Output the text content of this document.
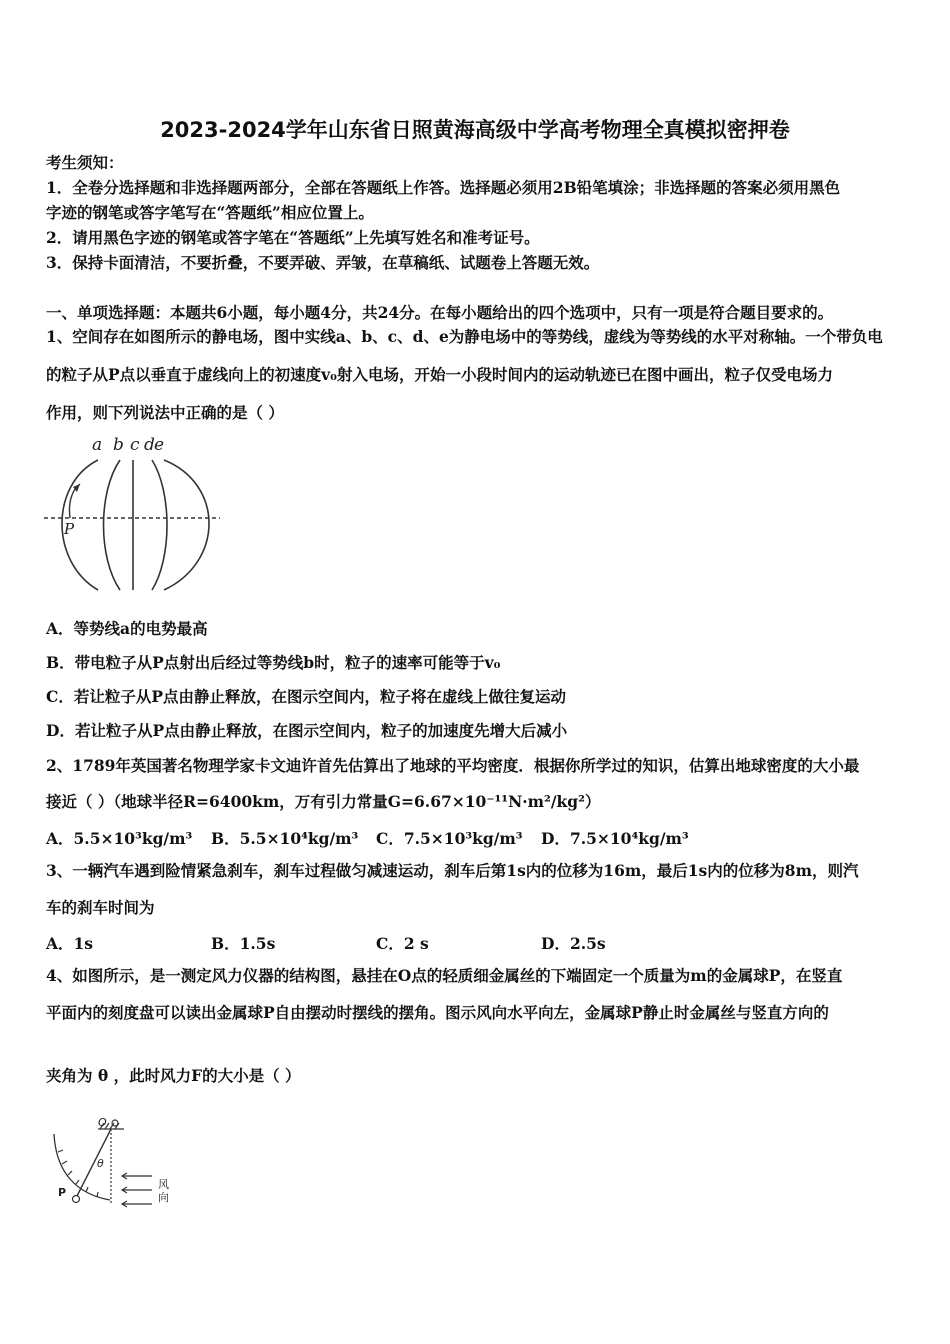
2023-2024学年山东省日照黄海高级中学高考物理全真模拟密押卷
考生须知：
1．全卷分选择题和非选择题两部分，全部在答题纸上作答。选择题必须用2B铅笔填涂；非选择题的答案必须用黑色
字迹的钢笔或答字笔写在“答题纸”相应位置上。
2．请用黑色字迹的钢笔或答字笔在“答题纸”上先填写姓名和准考证号。
3．保持卡面清洁，不要折叠，不要弄破、弄皱，在草稿纸、试题卷上答题无效。
一、单项选择题：本题共6小题，每小题4分，共24分。在每小题给出的四个选项中，只有一项是符合题目要求的。
1、空间存在如图所示的静电场，图中实线a、b、c、d、e为静电场中的等势线，虚线为等势线的水平对称轴。一个带负电
的粒子从P点以垂直于虚线向上的初速度v₀射入电场，开始一小段时间内的运动轨迹已在图中画出，粒子仅受电场力
作用，则下列说法中正确的是（ ）
a b c d e
P
A．等势线a的电势最高
B．带电粒子从P点射出后经过等势线b时，粒子的速率可能等于v₀
C．若让粒子从P点由静止释放，在图示空间内，粒子将在虚线上做往复运动
D．若让粒子从P点由静止释放，在图示空间内，粒子的加速度先增大后减小
2、1789年英国著名物理学家卡文迪许首先估算出了地球的平均密度．根据你所学过的知识，估算出地球密度的大小最
接近（ ）（地球半径R=6400km，万有引力常量G=6.67×10⁻¹¹N·m²/kg²）
A．5.5×10³kg/m³ B．5.5×10⁴kg/m³ C．7.5×10³kg/m³ D．7.5×10⁴kg/m³
3、一辆汽车遇到险情紧急刹车，刹车过程做匀减速运动，刹车后第1s内的位移为16m，最后1s内的位移为8m，则汽
车的刹车时间为
A．1s	B．1.5s	C．2 s	D．2.5s
4、如图所示，是一测定风力仪器的结构图，悬挂在O点的轻质细金属丝的下端固定一个质量为m的金属球P，在竖直
平面内的刻度盘可以读出金属球P自由摆动时摆线的摆角。图示风向水平向左，金属球P静止时金属丝与竖直方向的
夹角为 θ ，此时风力F的大小是（ ）
O
θ
P
风
向
